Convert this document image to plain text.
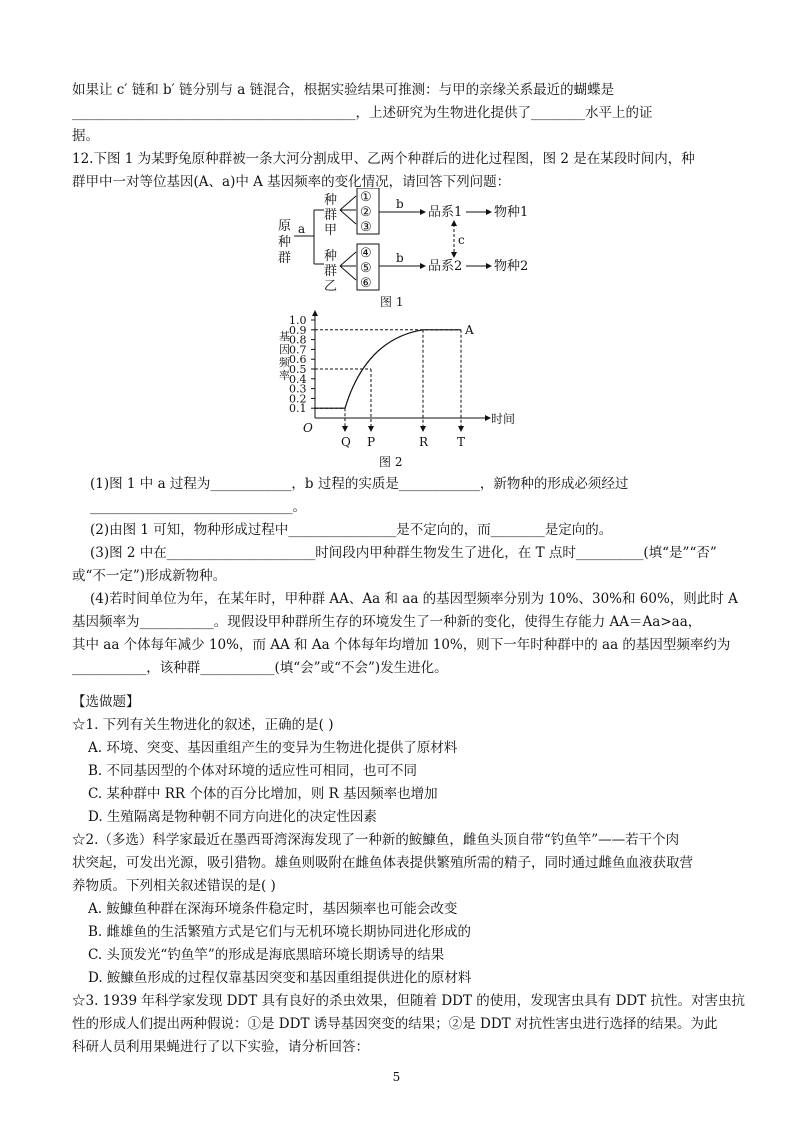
如果让 c′ 链和 b′ 链分别与 a 链混合，根据实验结果可推测：与甲的亲缘关系最近的蝴蝶是
__________________________________________，上述研究为生物进化提供了________水平上的证
据。
12.下图 1 为某野兔原种群被一条大河分割成甲、乙两个种群后的进化过程图，图 2 是在某段时间内，种
群甲中一对等位基因(A、a)中 A 基因频率的变化情况，请回答下列问题：
原
种
群
a
种
群
甲
种
群
乙
①
②
③
④
⑤
⑥
b
品系1
b
品系2
c
物种1
物种2
图 1
0.1
0.2
0.3
0.4
0.5
0.6
0.7
0.8
0.9
1.0
基
因
频
率
O
时间
Q P	R T
A
图 2
(1)图 1 中 a 过程为____________，b 过程的实质是____________，新物种的形成必须经过
______________________________。
(2)由图 1 可知，物种形成过程中________________是不定向的，而________是定向的。
(3)图 2 中在______________________时间段内甲种群生物发生了进化，在 T 点时__________(填“是”“否”
或“不一定”)形成新物种。
(4)若时间单位为年，在某年时，甲种群 AA、Aa 和 aa 的基因型频率分别为 10%、30%和 60%，则此时 A
基因频率为___________。现假设甲种群所生存的环境发生了一种新的变化，使得生存能力 AA＝Aa>aa，
其中 aa 个体每年减少 10%，而 AA 和 Aa 个体每年均增加 10%，则下一年时种群中的 aa 的基因型频率约为
___________，该种群___________(填“会”或“不会”)发生进化。
【选做题】
☆1. 下列有关生物进化的叙述，正确的是( )
A. 环境、突变、基因重组产生的变异为生物进化提供了原材料
B. 不同基因型的个体对环境的适应性可相同，也可不同
C. 某种群中 RR 个体的百分比增加，则 R 基因频率也增加
D. 生殖隔离是物种朝不同方向进化的决定性因素
☆2.（多选）科学家最近在墨西哥湾深海发现了一种新的鮟鱇鱼，雌鱼头顶自带“钓鱼竿”——若干个肉
状突起，可发出光源，吸引猎物。雄鱼则吸附在雌鱼体表提供繁殖所需的精子，同时通过雌鱼血液获取营
养物质。下列相关叙述错误的是( )
A. 鮟鱇鱼种群在深海环境条件稳定时，基因频率也可能会改变
B. 雌雄鱼的生活繁殖方式是它们与无机环境长期协同进化形成的
C. 头顶发光“钓鱼竿”的形成是海底黑暗环境长期诱导的结果
D. 鮟鱇鱼形成的过程仅靠基因突变和基因重组提供进化的原材料
☆3. 1939 年科学家发现 DDT 具有良好的杀虫效果，但随着 DDT 的使用，发现害虫具有 DDT 抗性。对害虫抗
性的形成人们提出两种假说：①是 DDT 诱导基因突变的结果；②是 DDT 对抗性害虫进行选择的结果。为此
科研人员利用果蝇进行了以下实验，请分析回答：
5
